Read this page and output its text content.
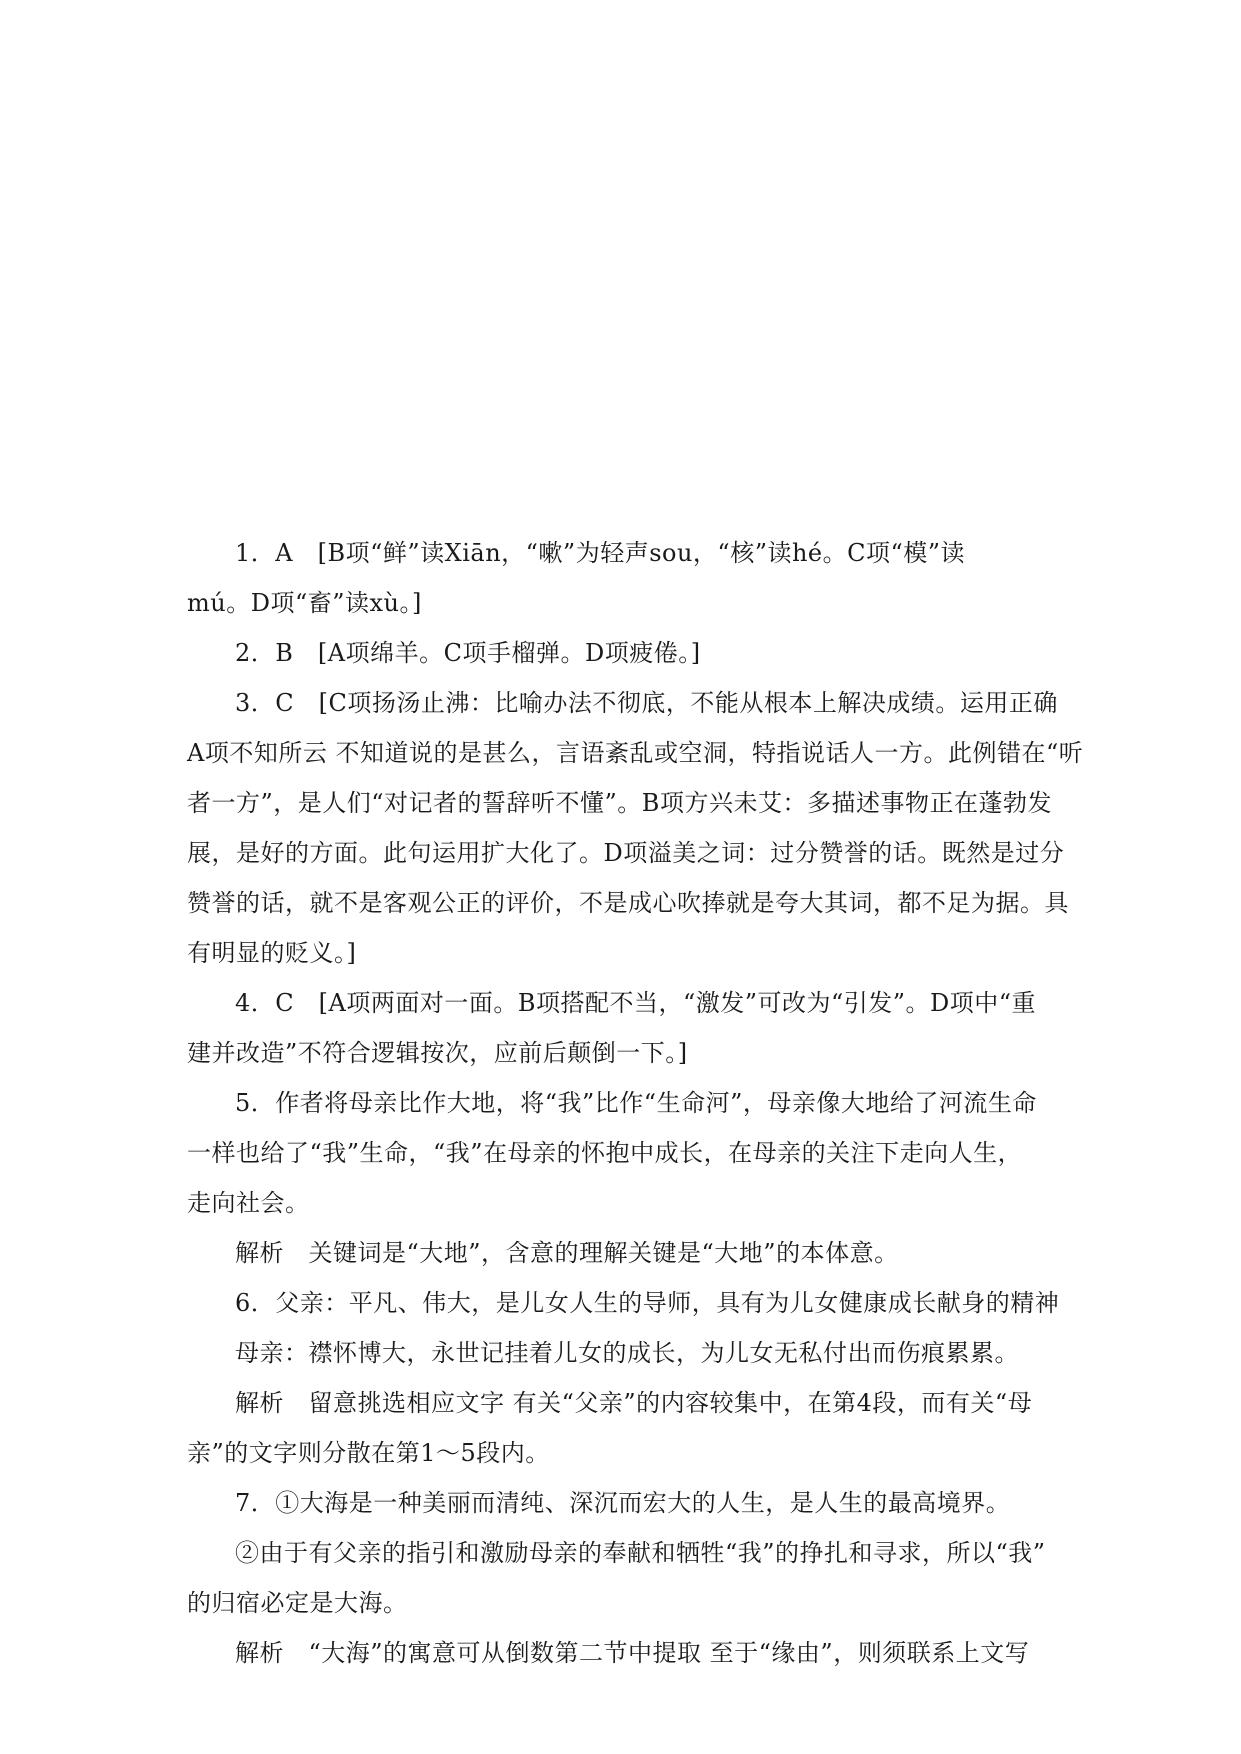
1．A　[B项“鲜”读Xiān，“嗽”为轻声sou，“核”读hé。C项“模”读
mú。D项“畜”读xù。]
2．B　[A项绵羊。C项手榴弹。D项疲倦。]
3．C　[C项扬汤止沸：比喻办法不彻底，不能从根本上解决成绩。运用正确
A项不知所云 不知道说的是甚么，言语紊乱或空洞，特指说话人一方。此例错在“听
者一方”，是人们“对记者的誓辞听不懂”。B项方兴未艾：多描述事物正在蓬勃发
展，是好的方面。此句运用扩大化了。D项溢美之词：过分赞誉的话。既然是过分
赞誉的话，就不是客观公正的评价，不是成心吹捧就是夸大其词，都不足为据。具
有明显的贬义。]
4．C　[A项两面对一面。B项搭配不当，“激发”可改为“引发”。D项中“重
建并改造”不符合逻辑按次，应前后颠倒一下。]
5．作者将母亲比作大地，将“我”比作“生命河”，母亲像大地给了河流生命
一样也给了“我”生命，“我”在母亲的怀抱中成长，在母亲的关注下走向人生，
走向社会。
解析　关键词是“大地”，含意的理解关键是“大地”的本体意。
6．父亲：平凡、伟大，是儿女人生的导师，具有为儿女健康成长献身的精神
母亲：襟怀博大，永世记挂着儿女的成长，为儿女无私付出而伤痕累累。
解析　留意挑选相应文字 有关“父亲”的内容较集中，在第4段，而有关“母
亲”的文字则分散在第1～5段内。
7．①大海是一种美丽而清纯、深沉而宏大的人生，是人生的最高境界。
②由于有父亲的指引和激励母亲的奉献和牺牲“我”的挣扎和寻求，所以“我”
的归宿必定是大海。
解析　“大海”的寓意可从倒数第二节中提取 至于“缘由”，则须联系上文写
